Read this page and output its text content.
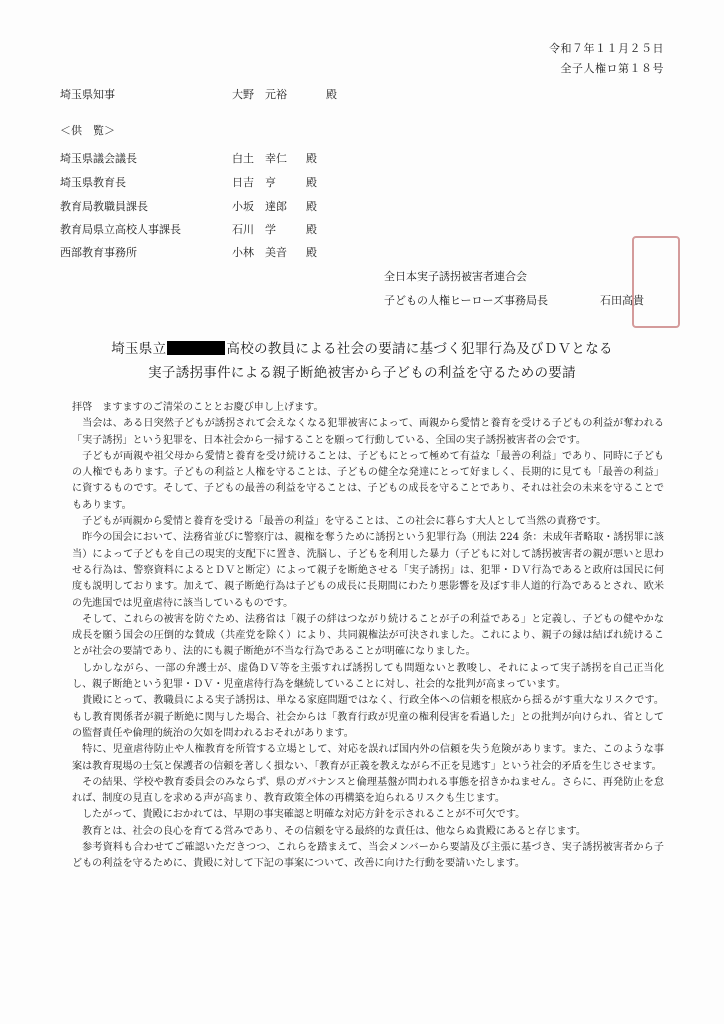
令和７年１１月２５日
全子人権ロ第１８号
埼玉県知事	大野　元裕	殿
＜供　覧＞
埼玉県議会議長	白土　幸仁 殿
埼玉県教育長	日吉　亨	殿
教育局教職員課長	小坂　達郎 殿
教育局県立高校人事課長	石川　学	殿
西部教育事務所	小林　美音 殿
全日本実子誘拐被害者連合会
子どもの人権ヒーローズ事務局長	石田高貴
埼玉県立	高校の教員による社会の要請に基づく犯罪行為及びＤＶとなる
実子誘拐事件による親子断絶被害から子どもの利益を守るための要請

拝啓　ますますのご清栄のこととお慶び申し上げます。

当会は、ある日突然子どもが誘拐されて会えなくなる犯罪被害によって、両親から愛情と養育を受ける子どもの利益が奪われる「実子誘拐」という犯罪を、日本社会から一掃することを願って行動している、全国の実子誘拐被害者の会です。

子どもが両親や祖父母から愛情と養育を受け続けることは、子どもにとって極めて有益な「最善の利益」であり、同時に子どもの人権でもあります。子どもの利益と人権を守ることは、子どもの健全な発達にとって好ましく、長期的に見ても「最善の利益」に資するものです。そして、子どもの最善の利益を守ることは、子どもの成長を守ることであり、それは社会の未来を守ることでもあります。

子どもが両親から愛情と養育を受ける「最善の利益」を守ることは、この社会に暮らす大人として当然の責務です。

昨今の国会において、法務省並びに警察庁は、親権を奪うために誘拐という犯罪行為（刑法 224 条：未成年者略取・誘拐罪に該当）によって子どもを自己の現実的支配下に置き、洗脳し、子どもを利用した暴力（子どもに対して誘拐被害者の親が悪いと思わせる行為は、警察資料によるとＤＶと断定）によって親子を断絶させる「実子誘拐」は、犯罪・ＤＶ行為であると政府は国民に何度も説明しております。加えて、親子断絶行為は子どもの成長に長期間にわたり悪影響を及ぼす非人道的行為であるとされ、欧米の先進国では児童虐待に該当しているものです。

そして、これらの被害を防ぐため、法務省は「親子の絆はつながり続けることが子の利益である」と定義し、子どもの健やかな成長を願う国会の圧倒的な賛成（共産党を除く）により、共同親権法が可決されました。これにより、親子の縁は結ばれ続けることが社会の要請であり、法的にも親子断絶が不当な行為であることが明確になりました。

しかしながら、一部の弁護士が、虚偽ＤＶ等を主張すれば誘拐しても問題ないと教唆し、それによって実子誘拐を自己正当化し、親子断絶という犯罪・ＤＶ・児童虐待行為を継続していることに対し、社会的な批判が高まっています。

貴殿にとって、教職員による実子誘拐は、単なる家庭問題ではなく、行政全体への信頼を根底から揺るがす重大なリスクです。もし教育関係者が親子断絶に関与した場合、社会からは「教育行政が児童の権利侵害を看過した」との批判が向けられ、省としての監督責任や倫理的統治の欠如を問われるおそれがあります。

特に、児童虐待防止や人権教育を所管する立場として、対応を誤れば国内外の信頼を失う危険があります。また、このような事案は教育現場の士気と保護者の信頼を著しく損ない、「教育が正義を教えながら不正を見逃す」という社会的矛盾を生じさせます。

その結果、学校や教育委員会のみならず、県のガバナンスと倫理基盤が問われる事態を招きかねません。さらに、再発防止を怠れば、制度の見直しを求める声が高まり、教育政策全体の再構築を迫られるリスクも生じます。

したがって、貴殿におかれては、早期の事実確認と明確な対応方針を示されることが不可欠です。

教育とは、社会の良心を育てる営みであり、その信頼を守る最終的な責任は、他ならぬ貴殿にあると存じます。

参考資料も合わせてご確認いただきつつ、これらを踏まえて、当会メンバーから要請及び主張に基づき、実子誘拐被害者から子どもの利益を守るために、貴殿に対して下記の事案について、改善に向けた行動を要請いたします。
